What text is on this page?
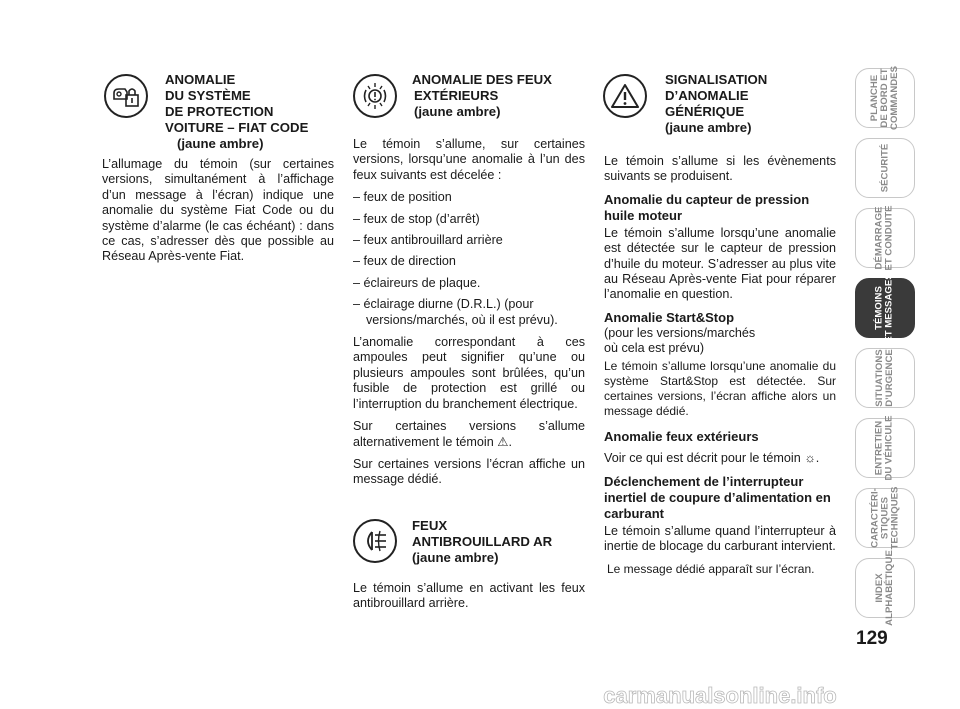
ANOMALIE
DU SYSTÈME
DE PROTECTION
VOITURE – FIAT CODE
(jaune ambre)

L’allumage du témoin (sur certaines versions, simultanément à l’affichage d’un message à l’écran) indique une anomalie du système Fiat Code ou du système d’alarme (le cas échéant) : dans ce cas, s’adresser dès que possible au Réseau Après-vente Fiat.

ANOMALIE DES FEUX
EXTÉRIEURS
(jaune ambre)

Le témoin s’allume, sur certaines versions, lorsqu’une anomalie à l’un des feux suivants est décelée :

– feux de position
– feux de stop (d’arrêt)
– feux antibrouillard arrière
– feux de direction
– éclaireurs de plaque.
– éclairage diurne (D.R.L.) (pour versions/marchés, où il est prévu).

L’anomalie correspondant à ces ampoules peut signifier qu’une ou plusieurs ampoules sont brûlées, qu’un fusible de protection est grillé ou l’interruption du branchement électrique.

Sur certaines versions s’allume alternativement le témoin ⚠.

Sur certaines versions l’écran affiche un message dédié.

FEUX
ANTIBROUILLARD AR
(jaune ambre)

Le témoin s’allume en activant les feux antibrouillard arrière.

SIGNALISATION
D’ANOMALIE
GÉNÉRIQUE
(jaune ambre)

Le témoin s’allume si les évènements suivants se produisent.

Anomalie du capteur de pression huile moteur

Le témoin s’allume lorsqu’une anomalie est détectée sur le capteur de pression d’huile du moteur. S’adresser au plus vite au Réseau Après-vente Fiat pour réparer l’anomalie en question.

Anomalie Start&Stop

(pour les versions/marchés où cela est prévu)

Le témoin s’allume lorsqu’une anomalie du système Start&Stop est détectée. Sur certaines versions, l’écran affiche alors un message dédié.

Anomalie feux extérieurs

Voir ce qui est décrit pour le témoin ☼.

Déclenchement de l’interrupteur inertiel de coupure d’alimentation en carburant

Le témoin s’allume quand l’interrupteur à inertie de blocage du carburant intervient.

Le message dédié apparaît sur l’écran.

PLANCHE
DE BORD ET
COMMANDES
SÉCURITÉ
DÉMARRAGE
ET CONDUITE
TÉMOINS
ET MESSAGES
SITUATIONS
D’URGENCE
ENTRETIEN
DU VÉHICULE
CARACTÉRI-
STIQUES
TECHNIQUES
INDEX
ALPHABÉTIQUE
129
carmanualsonline.info
